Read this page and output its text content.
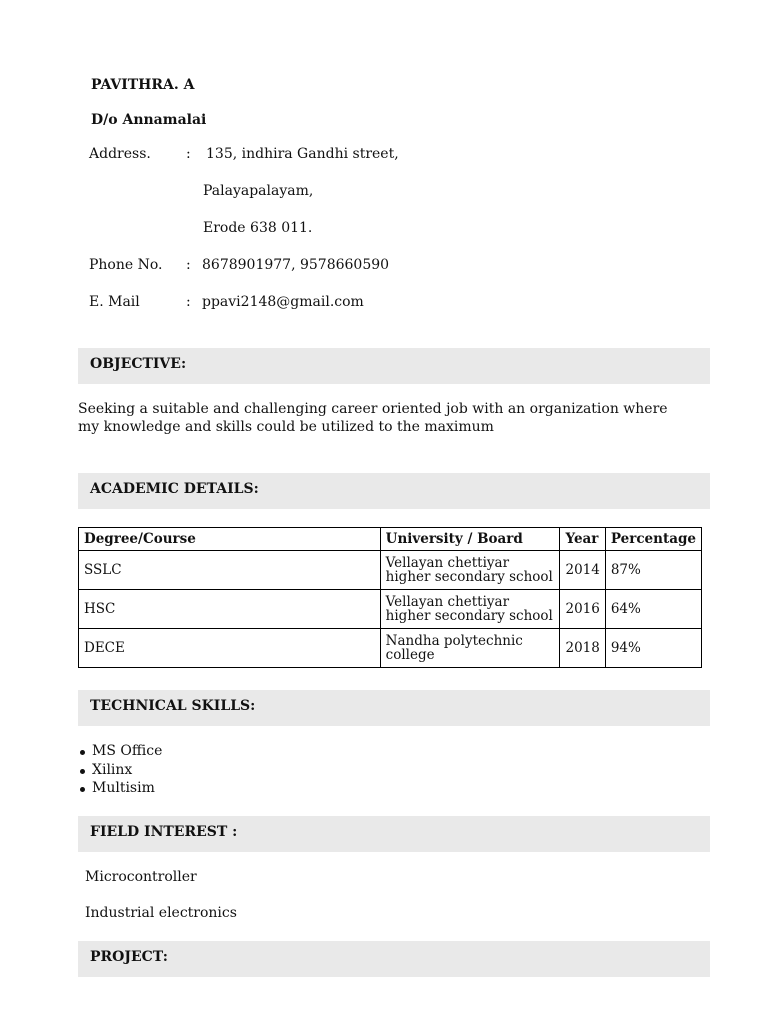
PAVITHRA. A
D/o Annamalai
Address.	: 135, indhira Gandhi street,
Palayapalayam,
Erode 638 011.
Phone No. : 8678901977, 9578660590
E. Mail	: ppavi2148@gmail.com
OBJECTIVE:
Seeking a suitable and challenging career oriented job with an organization where my knowledge and skills could be utilized to the maximum
ACADEMIC DETAILS:
Degree/Course	University / Board	Year	Percentage
SSLC	Vellayan chettiyar higher secondary school	2014	87%
HSC	Vellayan chettiyar higher secondary school	2016	64%
DECE	Nandha polytechnic college	2018	94%
TECHNICAL SKILLS:
MS Office
Xilinx
Multisim
FIELD INTEREST :
Microcontroller
Industrial electronics
PROJECT:
